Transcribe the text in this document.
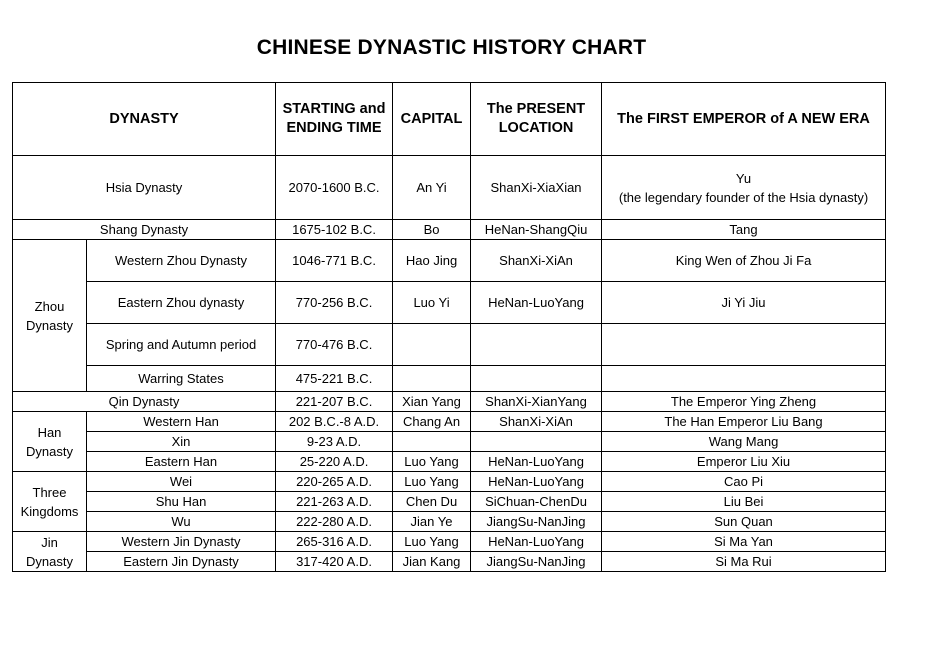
CHINESE DYNASTIC HISTORY CHART
DYNASTY		STARTING and ENDING TIME	CAPITAL	The PRESENT LOCATION	The FIRST EMPEROR of A NEW ERA
Hsia Dynasty		2070-1600 B.C.	An Yi	ShanXi-XiaXian	Yu
(the legendary founder of the Hsia dynasty)

Shang Dynasty		1675-102 B.C.	Bo	HeNan-ShangQiu	Tang
Zhou Dynasty	Western Zhou Dynasty	1046-771 B.C.	Hao Jing	ShanXi-XiAn	King Wen of Zhou Ji Fa
	Eastern Zhou dynasty	770-256 B.C.	Luo Yi	HeNan-LuoYang	Ji Yi Jiu
	Spring and Autumn period	770-476 B.C.			
	Warring States	475-221 B.C.			
Qin Dynasty		221-207 B.C.	Xian Yang	ShanXi-XianYang	The Emperor Ying Zheng
Han Dynasty	Western Han	202 B.C.-8 A.D.	Chang An	ShanXi-XiAn	The Han Emperor Liu Bang
	Xin	9-23 A.D.			Wang Mang
	Eastern Han	25-220 A.D.	Luo Yang	HeNan-LuoYang	Emperor Liu Xiu
Three Kingdoms	Wei	220-265 A.D.	Luo Yang	HeNan-LuoYang	Cao Pi
	Shu Han	221-263 A.D.	Chen Du	SiChuan-ChenDu	Liu Bei
	Wu	222-280 A.D.	Jian Ye	JiangSu-NanJing	Sun Quan
Jin Dynasty	Western Jin Dynasty	265-316 A.D.	Luo Yang	HeNan-LuoYang	Si Ma Yan
	Eastern Jin Dynasty	317-420 A.D.	Jian Kang	JiangSu-NanJing	Si Ma Rui
